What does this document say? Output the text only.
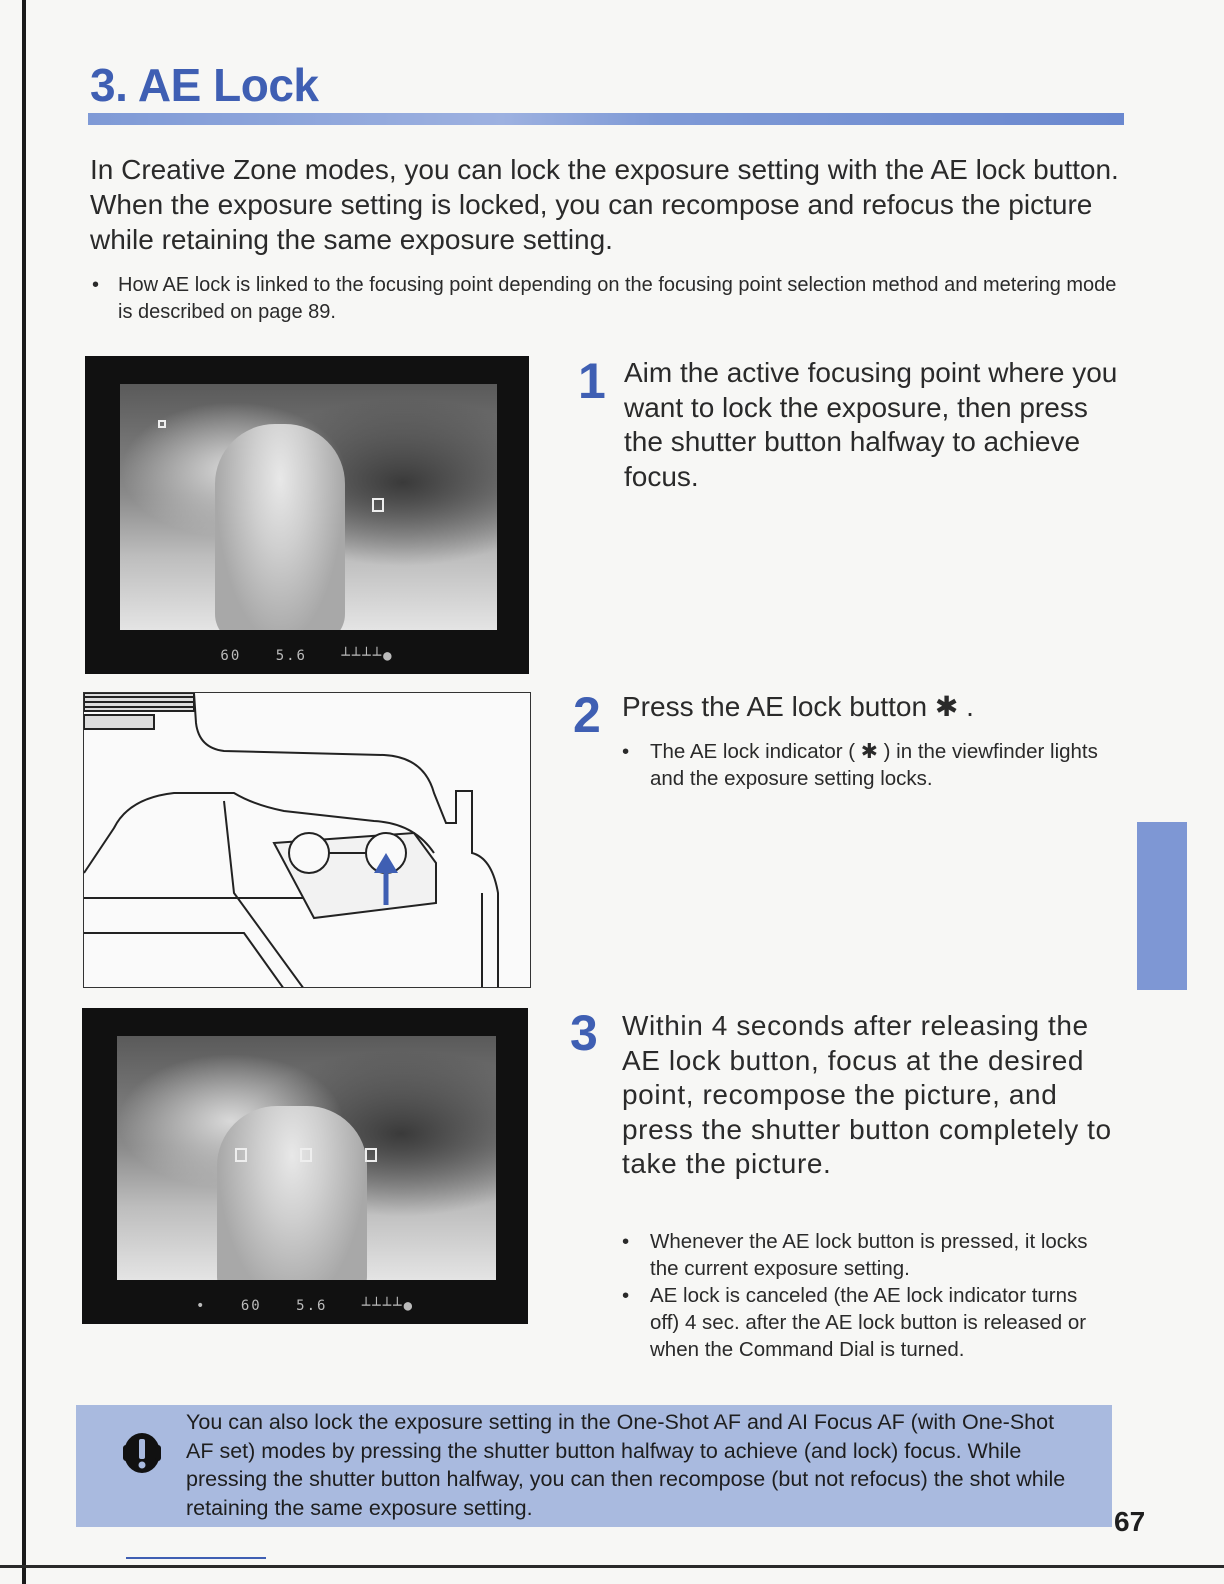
3. AE Lock

In Creative Zone modes, you can lock the exposure setting with the AE lock button. When the exposure setting is locked, you can recompose and refocus the picture while retaining the same exposure setting.

• How AE lock is linked to the focusing point depending on the focusing point selection method and metering mode is described on page 89.
60 5.6 ┴┴┴┴●
• 60 5.6 ┴┴┴┴●
1 Aim the active focusing point where you want to lock the exposure, then press the shutter button halfway to achieve focus.

2 Press the AE lock button ✱ .

•	The AE lock indicator ( ✱ ) in the viewfinder lights and the exposure setting locks.
3 Within 4 seconds after releasing the AE lock button, focus at the desired point, recompose the picture, and press the shutter button completely to take the picture.

•	Whenever the AE lock button is pressed, it locks the current exposure setting.
•	AE lock is canceled (the AE lock indicator turns off) 4 sec. after the AE lock button is released or when the Command Dial is turned.

You can also lock the exposure setting in the One-Shot AF and AI Focus AF (with One-Shot AF set) modes by pressing the shutter button halfway to achieve (and lock) focus. While pressing the shutter button halfway, you can then recompose (but not refocus) the shot while retaining the same exposure setting.	67
